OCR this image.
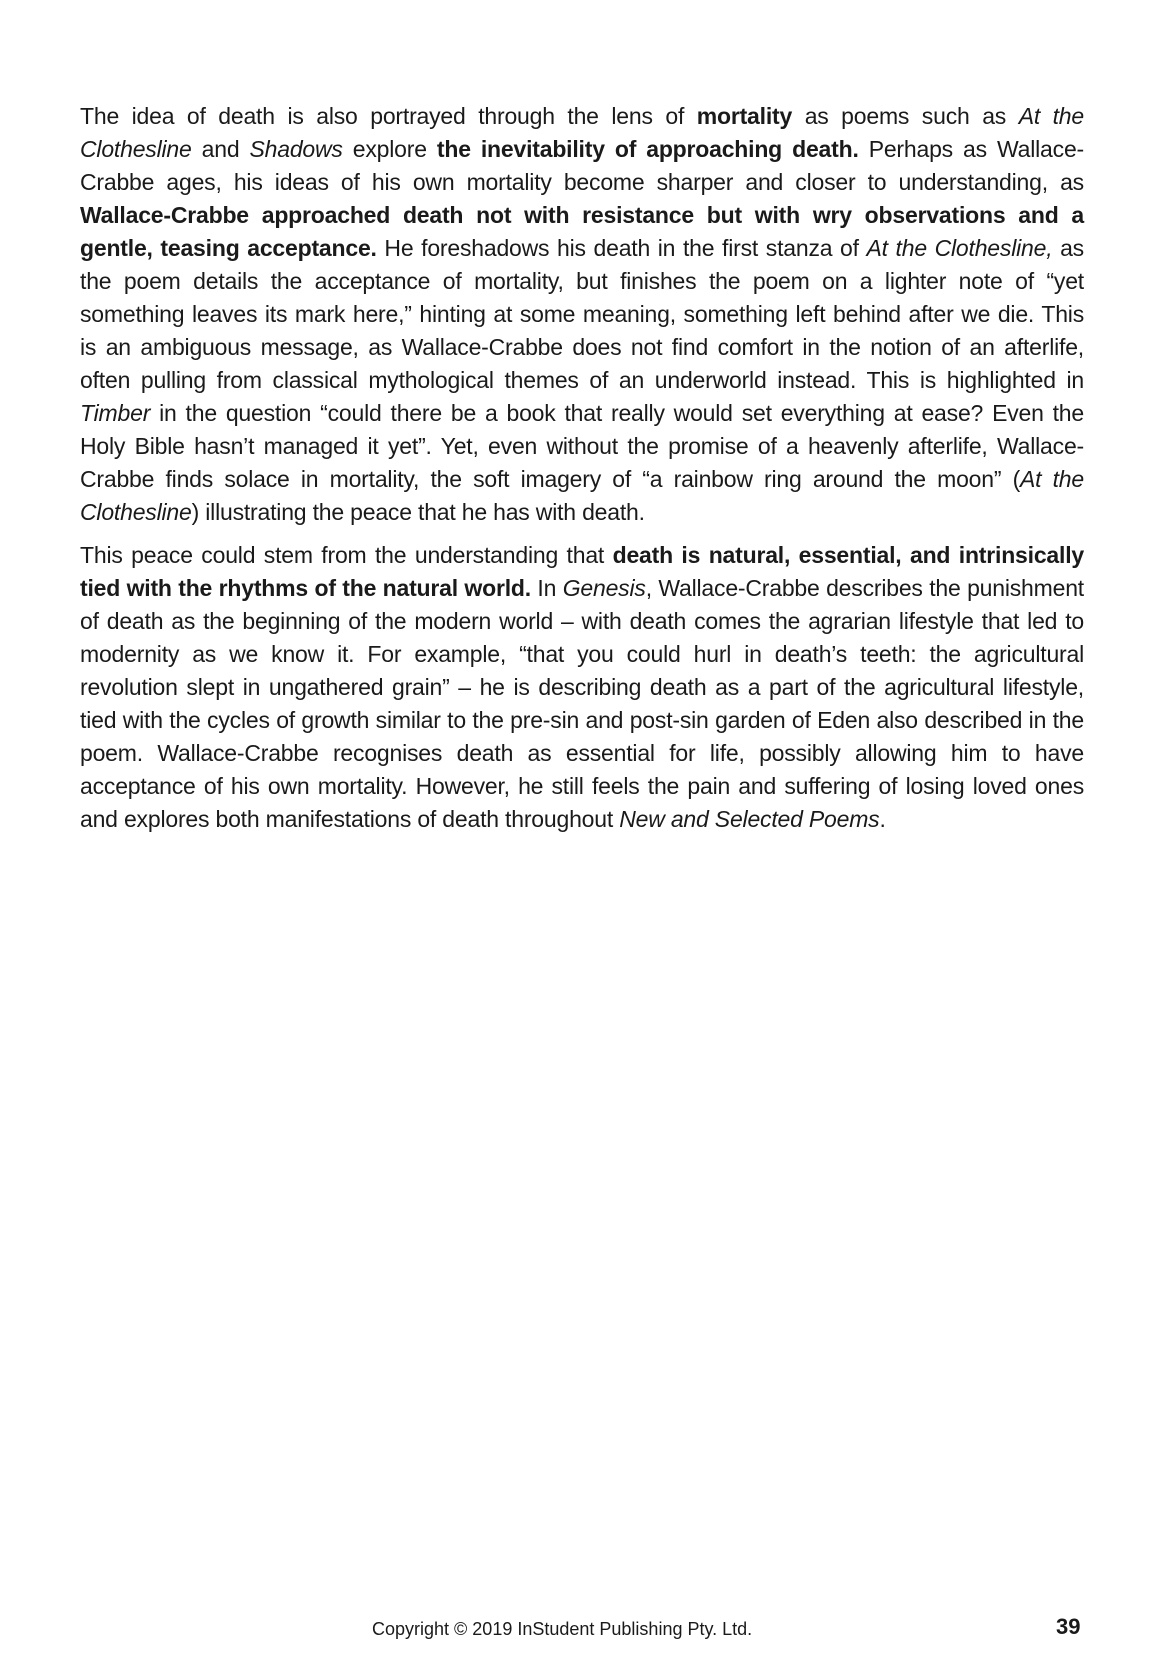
The idea of death is also portrayed through the lens of mortality as poems such as At the Clothesline and Shadows explore the inevitability of approaching death. Perhaps as Wallace-Crabbe ages, his ideas of his own mortality become sharper and closer to understanding, as Wallace-Crabbe approached death not with resistance but with wry observations and a gentle, teasing acceptance. He foreshadows his death in the first stanza of At the Clothesline, as the poem details the acceptance of mortality, but finishes the poem on a lighter note of “yet something leaves its mark here,” hinting at some meaning, something left behind after we die. This is an ambiguous message, as Wallace-Crabbe does not find comfort in the notion of an afterlife, often pulling from classical mythological themes of an underworld instead. This is highlighted in Timber in the question “could there be a book that really would set everything at ease? Even the Holy Bible hasn’t managed it yet”. Yet, even without the promise of a heavenly afterlife, Wallace-Crabbe finds solace in mortality, the soft imagery of “a rainbow ring around the moon” (At the Clothesline) illustrating the peace that he has with death.

This peace could stem from the understanding that death is natural, essential, and intrinsically tied with the rhythms of the natural world. In Genesis, Wallace-Crabbe describes the punishment of death as the beginning of the modern world – with death comes the agrarian lifestyle that led to modernity as we know it. For example, “that you could hurl in death’s teeth: the agricultural revolution slept in ungathered grain” – he is describing death as a part of the agricultural lifestyle, tied with the cycles of growth similar to the pre-sin and post-sin garden of Eden also described in the poem. Wallace-Crabbe recognises death as essential for life, possibly allowing him to have acceptance of his own mortality. However, he still feels the pain and suffering of losing loved ones and explores both manifestations of death throughout New and Selected Poems.

Copyright © 2019 InStudent Publishing Pty. Ltd.	39
